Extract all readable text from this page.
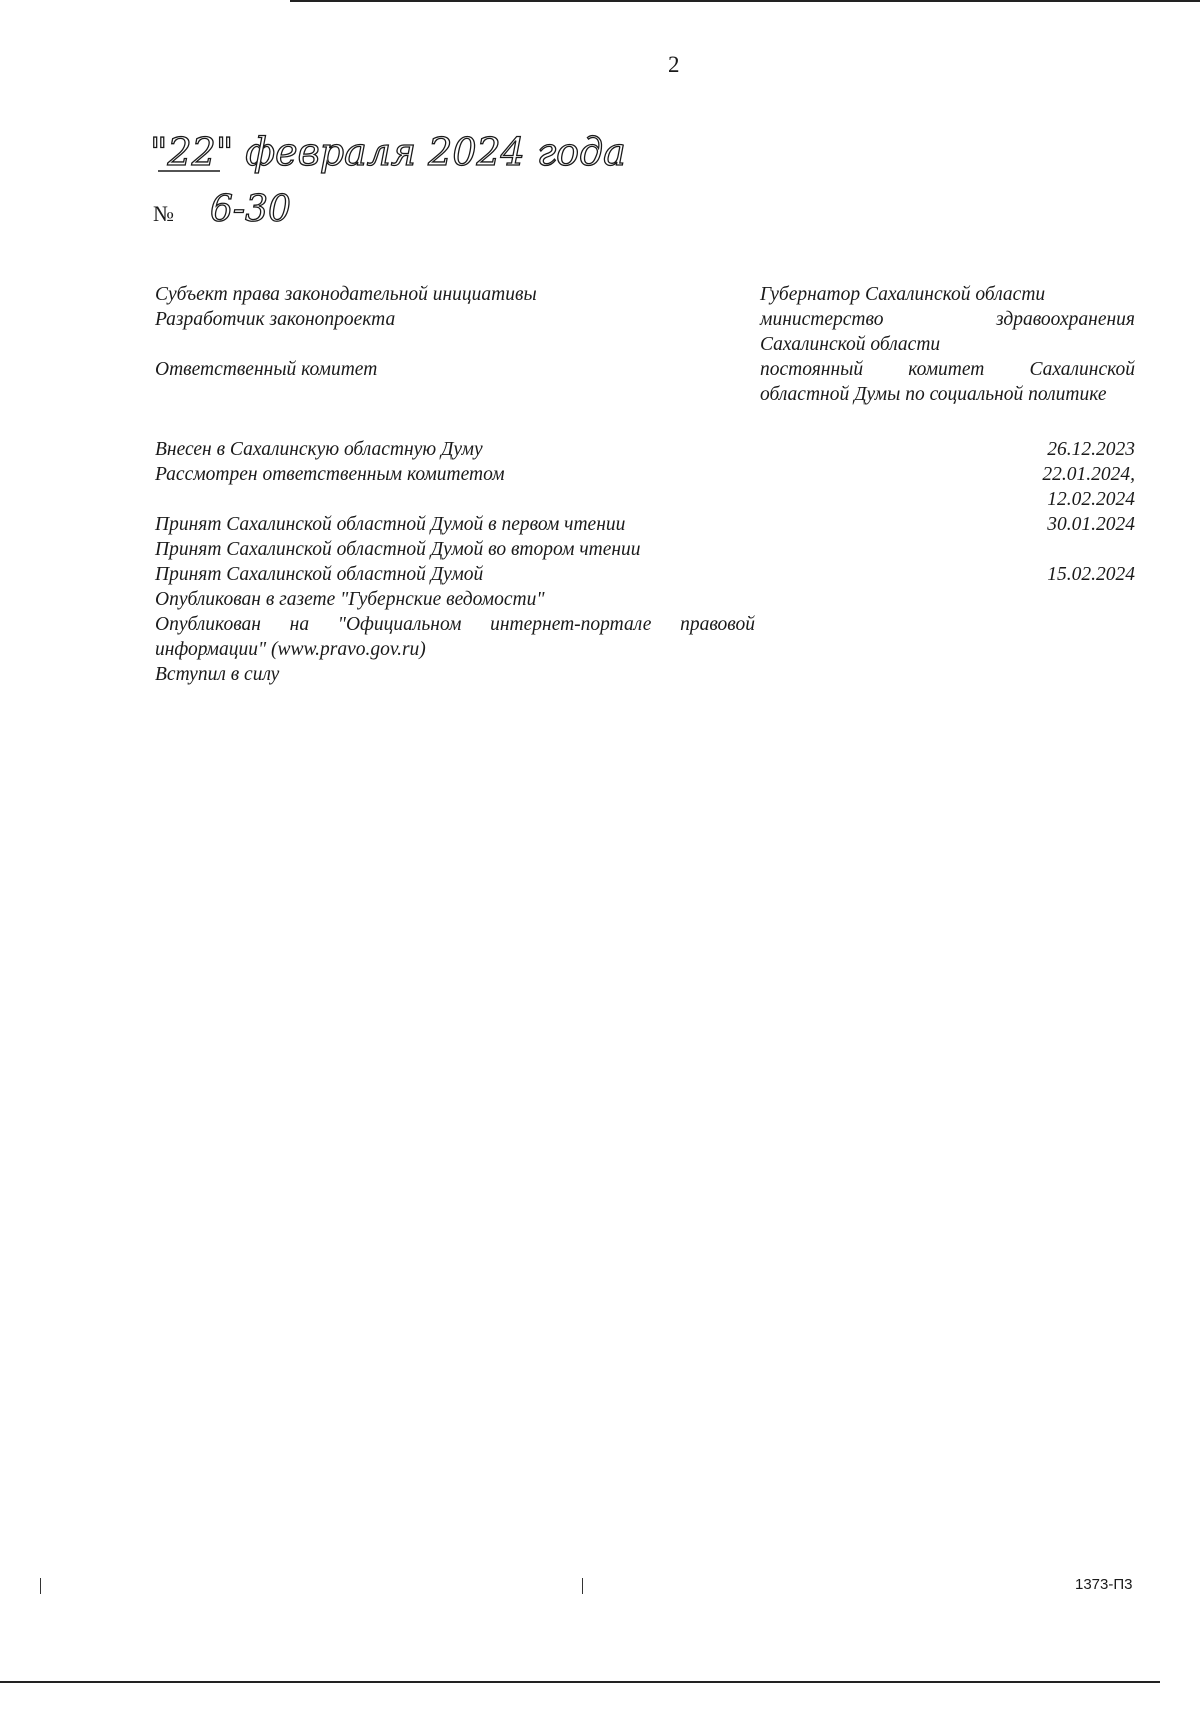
2
"22" февраля 2024 года
№ 6-30
Субъект права законодательной инициативы	Губернатор Сахалинской области
Разработчик законопроекта	министерство здравоохранения Сахалинской области
Ответственный комитет	постоянный комитет Сахалинской областной Думы по социальной политике
Внесен в Сахалинскую областную Думу	26.12.2023
Рассмотрен ответственным комитетом	22.01.2024,
12.02.2024
Принят Сахалинской областной Думой в первом чтении	30.01.2024
Принят Сахалинской областной Думой во втором чтении
Принят Сахалинской областной Думой	15.02.2024
Опубликован в газете "Губернские ведомости"
Опубликован на "Официальном интернет-портале правовой информации" (www.pravo.gov.ru)
Вступил в силу
1373-П3
